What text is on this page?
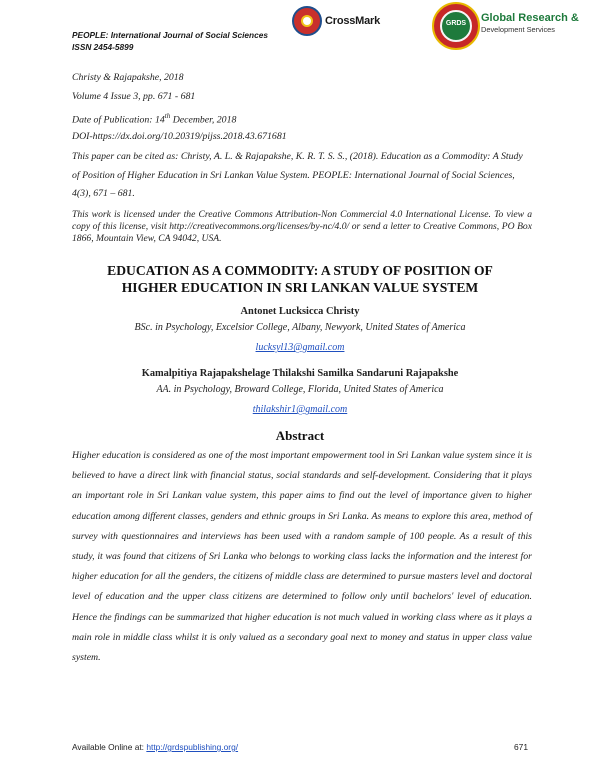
PEOPLE: International Journal of Social Sciences
ISSN 2454-5899
CrossMark	GRDS	Global Research &
Development Services
Christy & Rajapakshe, 2018
Volume 4 Issue 3, pp. 671 - 681
Date of Publication: 14th December, 2018
DOI-https://dx.doi.org/10.20319/pijss.2018.43.671681
This paper can be cited as: Christy, A. L. & Rajapakshe, K. R. T. S. S., (2018). Education as a Commodity: A Study of Position of Higher Education in Sri Lankan Value System. PEOPLE: International Journal of Social Sciences, 4(3), 671 – 681.
This work is licensed under the Creative Commons Attribution-Non Commercial 4.0 International License. To view a copy of this license, visit http://creativecommons.org/licenses/by-nc/4.0/ or send a letter to Creative Commons, PO Box 1866, Mountain View, CA 94042, USA.
EDUCATION AS A COMMODITY: A STUDY OF POSITION OF
HIGHER EDUCATION IN SRI LANKAN VALUE SYSTEM
Antonet Lucksicca Christy
BSc. in Psychology, Excelsior College, Albany, Newyork, United States of America
lucksyl13@gmail.com
Kamalpitiya Rajapakshelage Thilakshi Samilka Sandaruni Rajapakshe
AA. in Psychology, Broward College, Florida, United States of America
thilakshir1@gmail.com
Abstract
Higher education is considered as one of the most important empowerment tool in Sri Lankan value system since it is believed to have a direct link with financial status, social standards and self-development. Considering that it plays an important role in Sri Lankan value system, this paper aims to find out the level of importance given to higher education among different classes, genders and ethnic groups in Sri Lanka. As means to explore this area, method of survey with questionnaires and interviews has been used with a random sample of 100 people. As a result of this study, it was found that citizens of Sri Lanka who belongs to working class lacks the information and the interest for higher education for all the genders, the citizens of middle class are determined to pursue masters level and doctoral level of education and the upper class citizens are determined to follow only until bachelors' level of education. Hence the findings can be summarized that higher education is not much valued in working class where as it plays a main role in middle class whilst it is only valued as a secondary goal next to money and status in upper class value system.
Available Online at: http://grdspublishing.org/	671
